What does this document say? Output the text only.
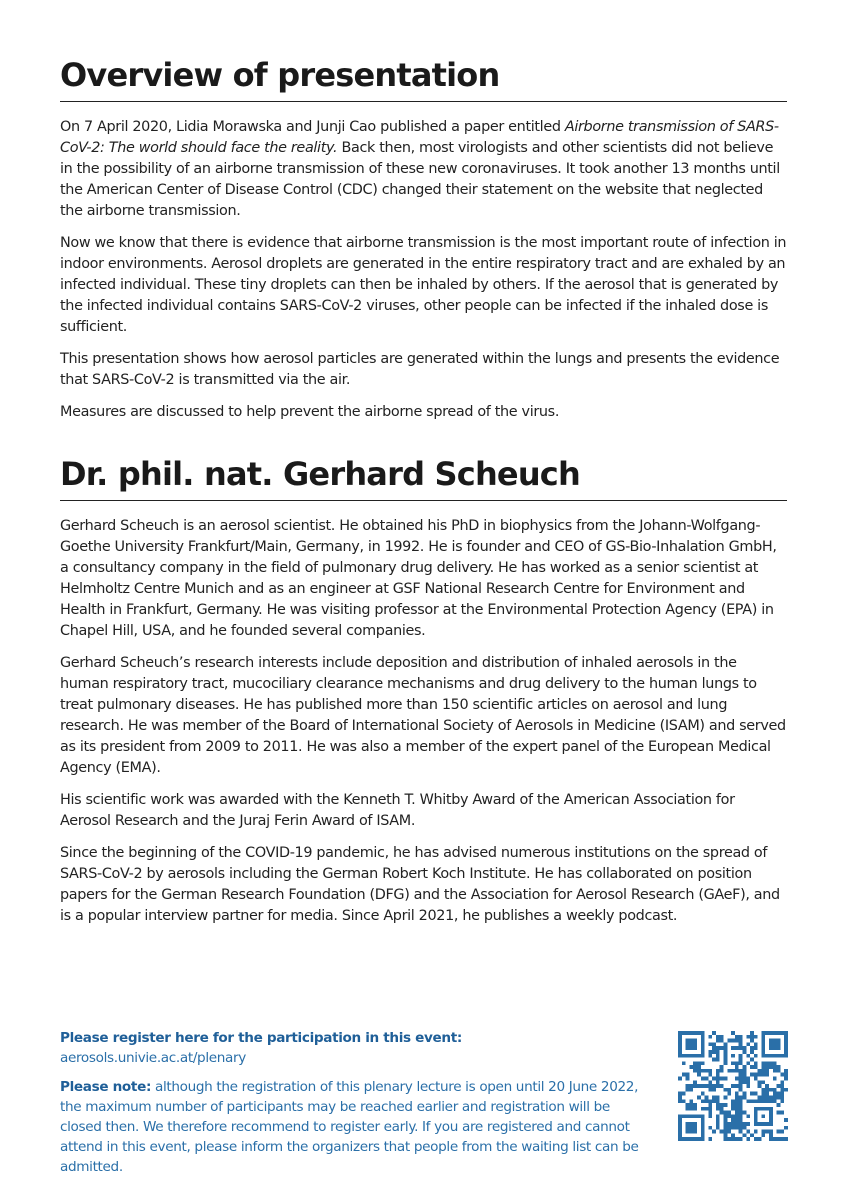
Overview of presentation

On 7 April 2020, Lidia Morawska and Junji Cao published a paper entitled Airborne transmission of SARS-CoV-2: The world should face the reality. Back then, most virologists and other scientists did not believe in the possibility of an airborne transmission of these new coronaviruses. It took another 13 months until the American Center of Disease Control (CDC) changed their statement on the website that neglected the airborne transmission.

Now we know that there is evidence that airborne transmission is the most important route of infection in indoor environments. Aerosol droplets are generated in the entire respiratory tract and are exhaled by an infected individual. These tiny droplets can then be inhaled by others. If the aerosol that is generated by the infected individual contains SARS-CoV-2 viruses, other people can be infected if the inhaled dose is sufficient.

This presentation shows how aerosol particles are generated within the lungs and presents the evidence that SARS-CoV-2 is transmitted via the air.

Measures are discussed to help prevent the airborne spread of the virus.

Dr. phil. nat. Gerhard Scheuch

Gerhard Scheuch is an aerosol scientist. He obtained his PhD in biophysics from the Johann-Wolfgang-Goethe University Frankfurt/Main, Germany, in 1992. He is founder and CEO of GS-Bio-Inhalation GmbH, a consultancy company in the field of pulmonary drug delivery. He has worked as a senior scientist at Helmholtz Centre Munich and as an engineer at GSF National Research Centre for Environment and Health in Frankfurt, Germany. He was visiting professor at the Environmental Protection Agency (EPA) in Chapel Hill, USA, and he founded several companies.

Gerhard Scheuch’s research interests include deposition and distribution of inhaled aerosols in the human respiratory tract, mucociliary clearance mechanisms and drug delivery to the human lungs to treat pulmonary diseases. He has published more than 150 scientific articles on aerosol and lung research. He was member of the Board of International Society of Aerosols in Medicine (ISAM) and served as its president from 2009 to 2011. He was also a member of the expert panel of the European Medical Agency (EMA).

His scientific work was awarded with the Kenneth T. Whitby Award of the American Association for Aerosol Research and the Juraj Ferin Award of ISAM.

Since the beginning of the COVID-19 pandemic, he has advised numerous institutions on the spread of SARS-CoV-2 by aerosols including the German Robert Koch Institute. He has collaborated on position papers for the German Research Foundation (DFG) and the Association for Aerosol Research (GAeF), and is a popular interview partner for media. Since April 2021, he publishes a weekly podcast.

Please register here for the participation in this event:
aerosols.univie.ac.at/plenary

Please note: although the registration of this plenary lecture is open until 20 June 2022, the maximum number of participants may be reached earlier and registration will be closed then. We therefore recommend to register early. If you are registered and cannot attend in this event, please inform the organizers that people from the waiting list can be admitted.
